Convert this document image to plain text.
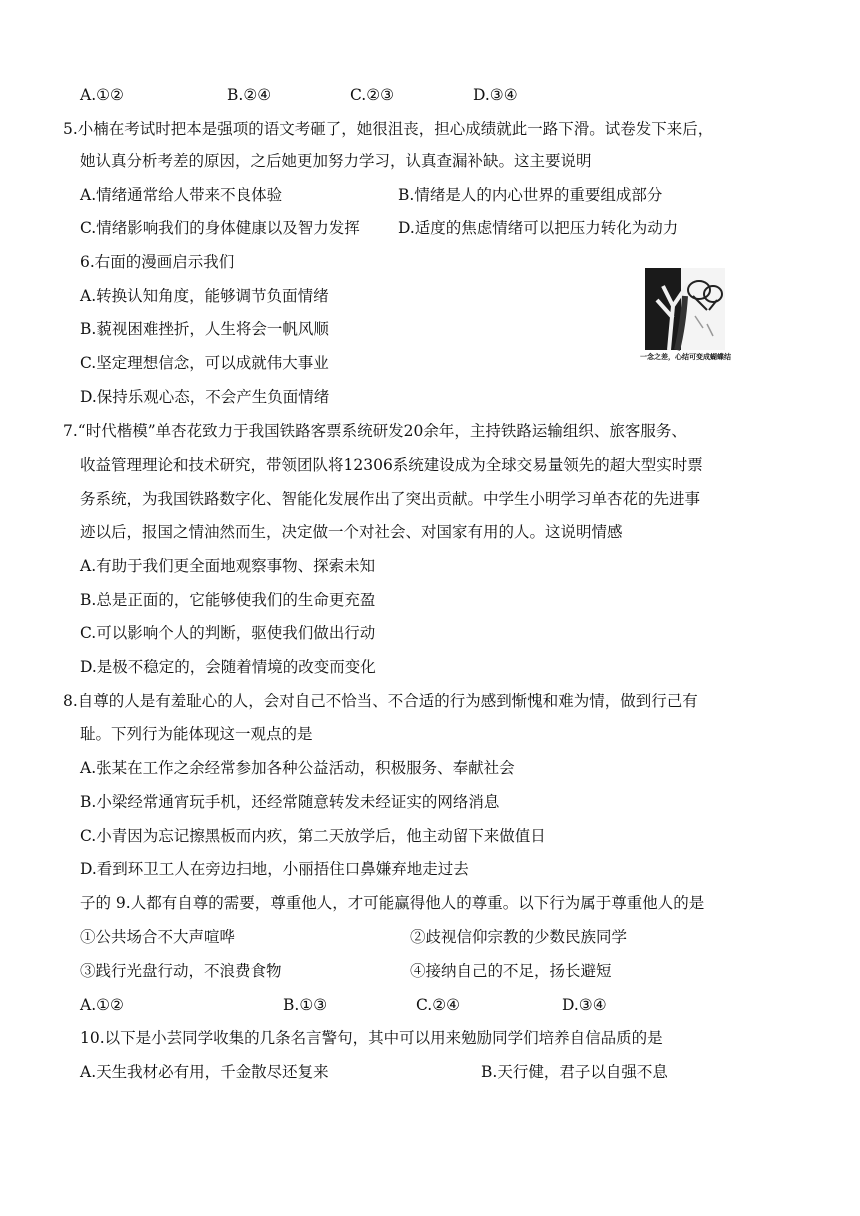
A.①②	B.②④	C.②③	D.③④
5.小楠在考试时把本是强项的语文考砸了，她很沮丧，担心成绩就此一路下滑。试卷发下来后，
她认真分析考差的原因，之后她更加努力学习，认真查漏补缺。这主要说明
A.情绪通常给人带来不良体验	B.情绪是人的内心世界的重要组成部分
C.情绪影响我们的身体健康以及智力发挥 D.适度的焦虑情绪可以把压力转化为动力
6.右面的漫画启示我们
A.转换认知角度，能够调节负面情绪
B.藐视困难挫折，人生将会一帆风顺
C.坚定理想信念，可以成就伟大事业
D.保持乐观心态，不会产生负面情绪
一念之差，心结可变成蝴蝶结
7.“时代楷模”单杏花致力于我国铁路客票系统研发20余年，主持铁路运输组织、旅客服务、
收益管理理论和技术研究，带领团队将12306系统建设成为全球交易量领先的超大型实时票
务系统，为我国铁路数字化、智能化发展作出了突出贡献。中学生小明学习单杏花的先进事
迹以后，报国之情油然而生，决定做一个对社会、对国家有用的人。这说明情感
A.有助于我们更全面地观察事物、探索未知
B.总是正面的，它能够使我们的生命更充盈
C.可以影响个人的判断，驱使我们做出行动
D.是极不稳定的，会随着情境的改变而变化
8.自尊的人是有羞耻心的人，会对自己不恰当、不合适的行为感到惭愧和难为情，做到行己有
耻。下列行为能体现这一观点的是
A.张某在工作之余经常参加各种公益活动，积极服务、奉献社会
B.小梁经常通宵玩手机，还经常随意转发未经证实的网络消息
C.小青因为忘记擦黑板而内疚，第二天放学后，他主动留下来做值日
D.看到环卫工人在旁边扫地，小丽捂住口鼻嫌弃地走过去
子的 9.人都有自尊的需要，尊重他人，才可能赢得他人的尊重。以下行为属于尊重他人的是
①公共场合不大声喧哗	②歧视信仰宗教的少数民族同学
③践行光盘行动，不浪费食物	④接纳自己的不足，扬长避短
A.①②	B.①③	C.②④	D.③④
10.以下是小芸同学收集的几条名言警句，其中可以用来勉励同学们培养自信品质的是
A.天生我材必有用，千金散尽还复来	B.天行健，君子以自强不息
